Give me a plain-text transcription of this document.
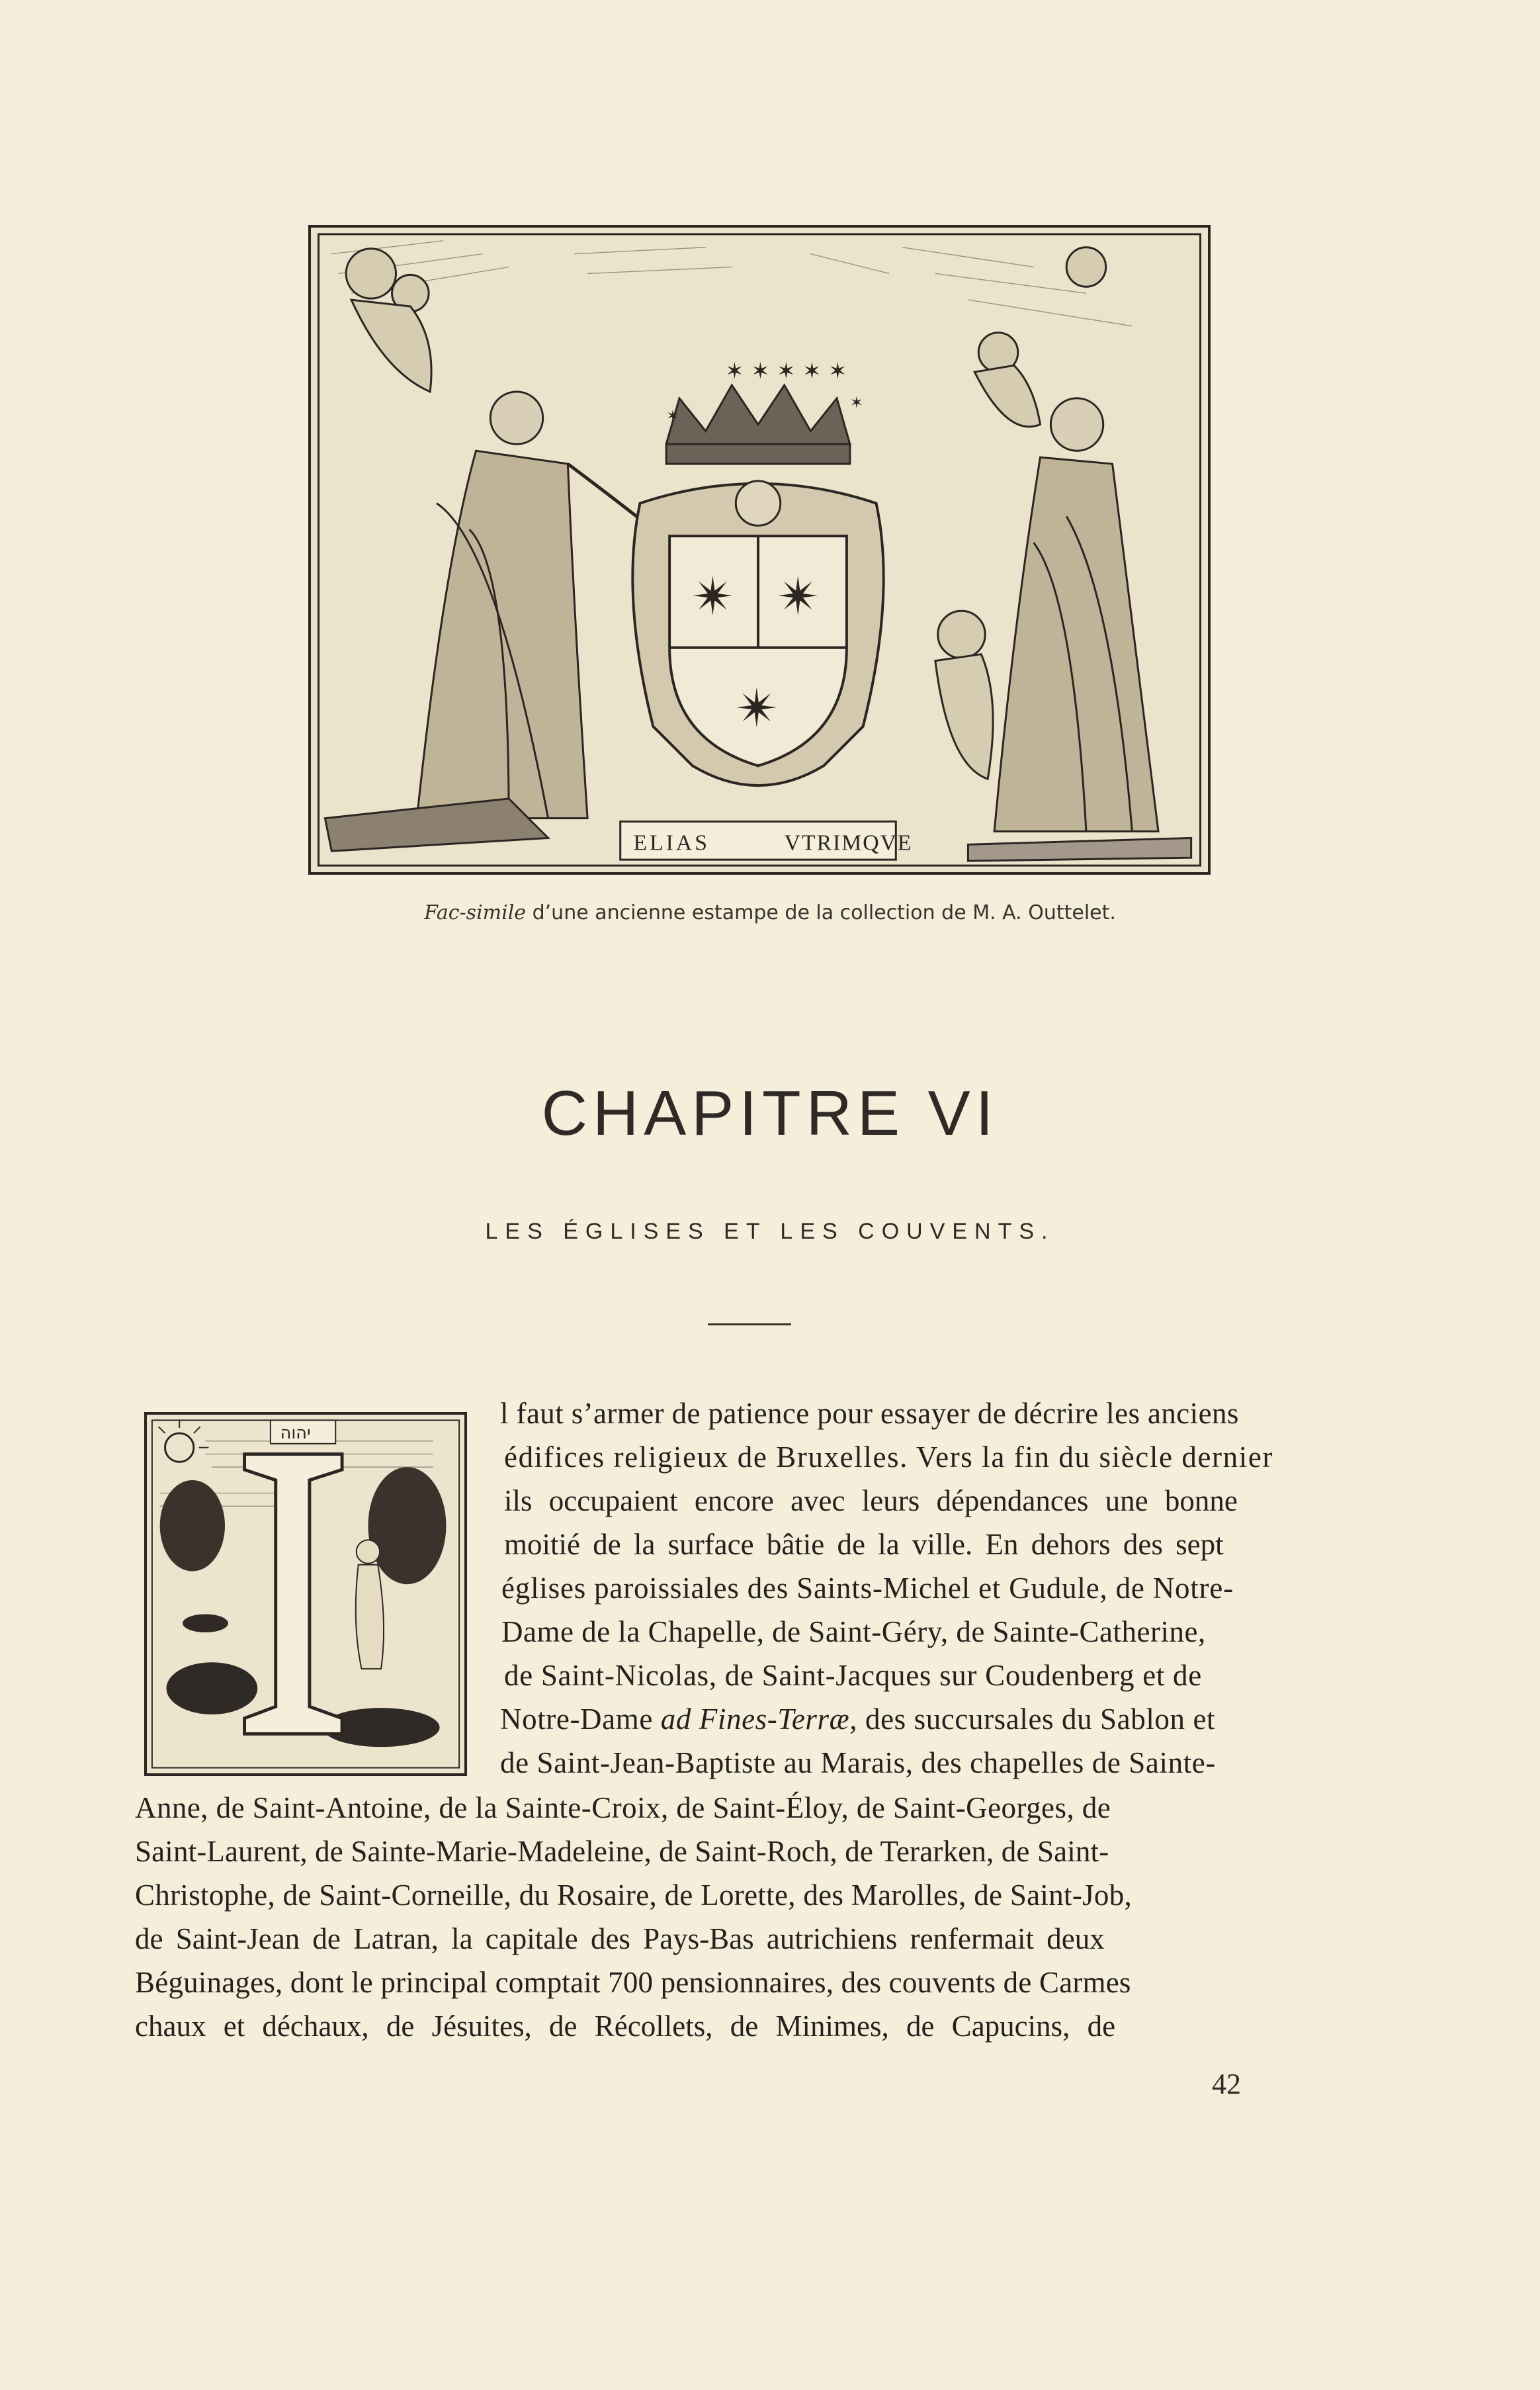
✶ ✶ ✶ ✶ ✶
✶
✶
✴ ✴
✴
ELIAS	VTRIMQVE
Fac-simile d’une ancienne estampe de la collection de M. A. Outtelet.
CHAPITRE VI
LES ÉGLISES ET LES COUVENTS.
יהוה
I	l faut s’armer de patience pour essayer de décrire les anciens
édifices religieux de Bruxelles. Vers la fin du siècle dernier
ils occupaient encore avec leurs dépendances une bonne
moitié de la surface bâtie de la ville. En dehors des sept
églises paroissiales des Saints-Michel et Gudule, de Notre-
Dame de la Chapelle, de Saint-Géry, de Sainte-Catherine,
de Saint-Nicolas, de Saint-Jacques sur Coudenberg et de
Notre-Dame ad Fines-Terræ, des succursales du Sablon et
de Saint-Jean-Baptiste au Marais, des chapelles de Sainte-
Anne, de Saint-Antoine, de la Sainte-Croix, de Saint-Éloy, de Saint-Georges, de
Saint-Laurent, de Sainte-Marie-Madeleine, de Saint-Roch, de Terarken, de Saint-
Christophe, de Saint-Corneille, du Rosaire, de Lorette, des Marolles, de Saint-Job,
de Saint-Jean de Latran, la capitale des Pays-Bas autrichiens renfermait deux
Béguinages, dont le principal comptait 700 pensionnaires, des couvents de Carmes
chaux et déchaux, de Jésuites, de Récollets, de Minimes, de Capucins, de
42
